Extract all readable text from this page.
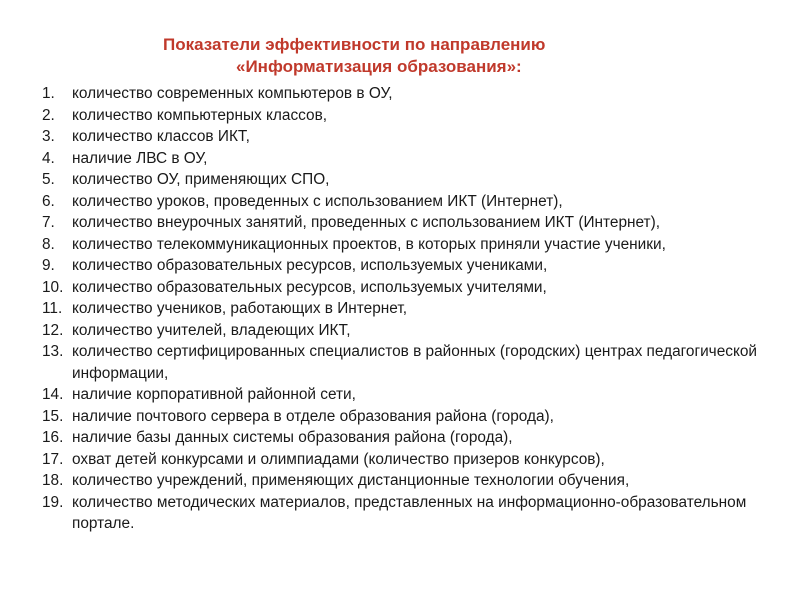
Показатели эффективности по направлению
«Информатизация образования»:
1. количество современных компьютеров в ОУ,
2. количество компьютерных классов,
3. количество классов ИКТ,
4. наличие ЛВС в ОУ,
5. количество ОУ, применяющих СПО,
6. количество уроков, проведенных с использованием ИКТ (Интернет),
7. количество внеурочных занятий, проведенных с использованием ИКТ (Интернет),
8. количество телекоммуникационных проектов, в которых приняли участие ученики,
9. количество образовательных ресурсов, используемых учениками,
10. количество образовательных ресурсов, используемых учителями,
11. количество учеников, работающих в Интернет,
12. количество учителей, владеющих ИКТ,
13. количество сертифицированных специалистов в районных (городских) центрах педагогической информации,
14. наличие корпоративной районной сети,
15. наличие почтового сервера в отделе образования района (города),
16. наличие базы данных системы образования района (города),
17. охват детей конкурсами и олимпиадами (количество призеров конкурсов),
18. количество учреждений, применяющих дистанционные технологии обучения,
19. количество методических материалов, представленных на информационно-образовательном портале.
